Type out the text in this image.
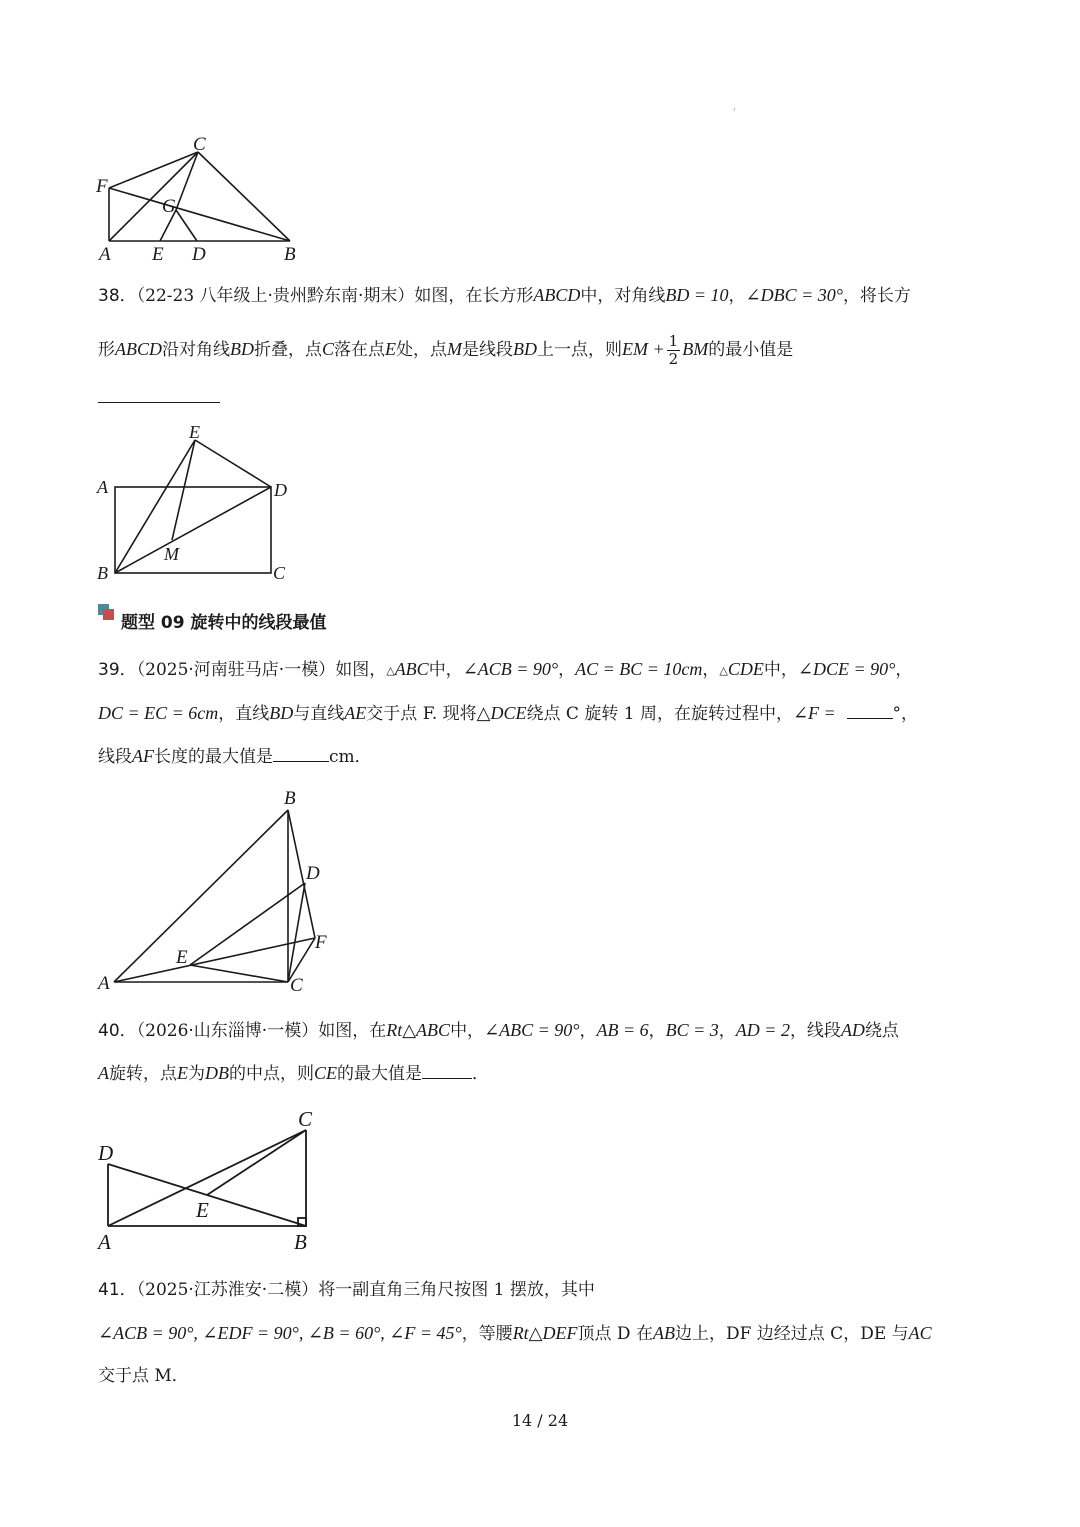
'
C
F
G
A E D	B
38．（22-23 八年级上·贵州黔东南·期末）如图，在长方形ABCD中，对角线BD = 10，∠DBC = 30°，将长方
形ABCD沿对角线BD折叠，点C落在点E处，点M是线段BD上一点，则EM + $\frac{1}{2}$ BM的最小值是
E
A	D
M
B	C
题型 09 旋转中的线段最值
39．（2025·河南驻马店·一模）如图，△ABC中，∠ACB = 90°，AC = BC = 10cm，△CDE中，∠DCE = 90°，
DC = EC = 6cm，直线BD与直线AE交于点 F. 现将△DCE绕点 C 旋转 1 周，在旋转过程中，∠F =	°，
线段AF长度的最大值是	cm．
B
D
F
E
A	C
40．（2026·山东淄博·一模）如图，在Rt△ABC中，∠ABC = 90°，AB = 6，BC = 3，AD = 2，线段AD绕点
A旋转，点E为DB的中点，则CE的最大值是	．
C
D
E
A	B
41．（2025·江苏淮安·二模）将一副直角三角尺按图 1 摆放，其中
∠ACB = 90°, ∠EDF = 90°, ∠B = 60°, ∠F = 45°，等腰Rt△DEF顶点 D 在AB边上，DF 边经过点 C，DE 与AC
交于点 M．
14 / 24
